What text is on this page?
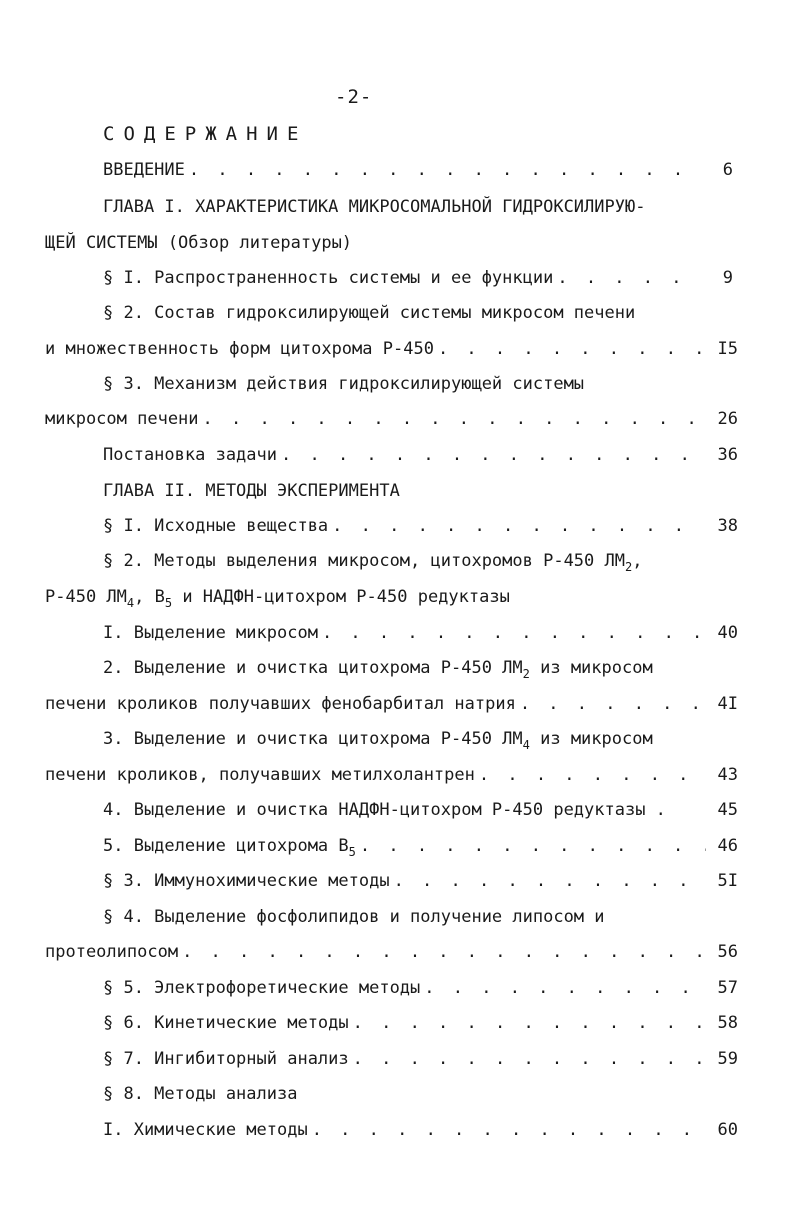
-2-
СОДЕРЖАНИЕ
ВВЕДЕНИЕ . . .	6
ГЛАВА I. ХАРАКТЕРИСТИКА МИКРОСОМАЛЬНОЙ ГИДРОКСИЛИРУЮ-
ЩЕЙ СИСТЕМЫ (Обзор литературы)
§ I. Распространенность системы и ее функции . . .	9
§ 2. Состав гидроксилирующей системы микросом печени
и множественность форм цитохрома Р-450 . . .	I5
§ 3. Механизм действия гидроксилирующей системы
микросом печени . . .	26
Постановка задачи . . .	36
ГЛАВА II. МЕТОДЫ ЭКСПЕРИМЕНТА
§ I. Исходные вещества . . .	38
§ 2. Методы выделения микросом, цитохромов Р-450 $ЛМ_2$,
Р-450 $ЛМ_4$, $В_5$ и НАДФН-цитохром Р-450 редуктазы
I. Выделение микросом . . .	40
2. Выделение и очистка цитохрома Р-450 $ЛМ_2$ из микросом
печени кроликов получавших фенобарбитал натрия . . .	4I
3. Выделение и очистка цитохрома Р-450 $ЛМ_4$ из микросом
печени кроликов, получавших метилхолантрен . . .	43
4. Выделение и очистка НАДФН-цитохром Р-450 редуктазы .	45
5. Выделение цитохрома $В_5$ . . .	46
§ 3. Иммунохимические методы . . .	5I
§ 4. Выделение фосфолипидов и получение липосом и
протеолипосом . . .	56
§ 5. Электрофоретические методы . . .	57
§ 6. Кинетические методы . . .	58
§ 7. Ингибиторный анализ . . .	59
§ 8. Методы анализа
I. Химические методы . . .	60
